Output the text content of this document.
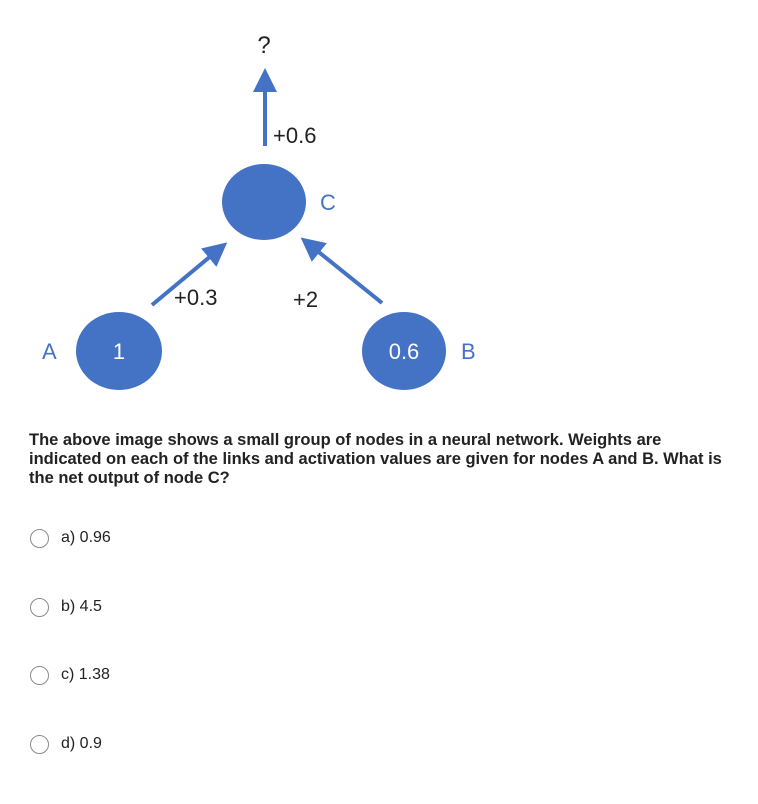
?
+0.6
+0.3	+2
C
1
A	0.6 B
The above image shows a small group of nodes in a neural network. Weights are indicated on each of the links and activation values are given for nodes A and B. What is the net output of node C?
a) 0.96
b) 4.5
c) 1.38
d) 0.9
